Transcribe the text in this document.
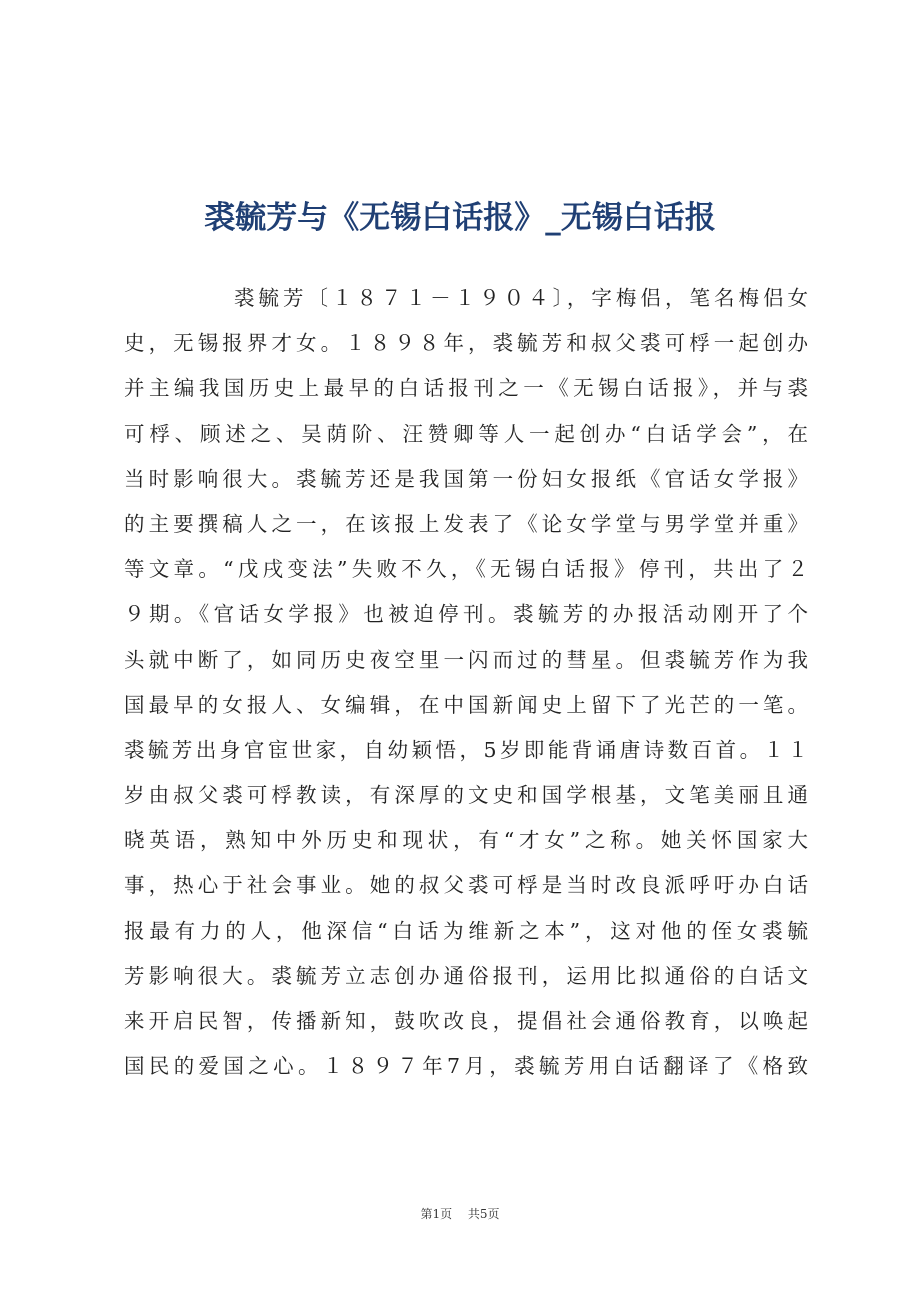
裘毓芳与《无锡白话报》_无锡白话报
裘毓芳〔１８７１－１９０４〕，字梅侣，笔名梅侣女
史，无锡报界才女。１８９８年，裘毓芳和叔父裘可桴一起创办
并主编我国历史上最早的白话报刊之一《无锡白话报》，并与裘
可桴、顾述之、吴荫阶、汪赞卿等人一起创办“白话学会”，在
当时影响很大。裘毓芳还是我国第一份妇女报纸《官话女学报》
的主要撰稿人之一，在该报上发表了《论女学堂与男学堂并重》
等文章。“戊戌变法”失败不久，《无锡白话报》停刊，共出了２
９期。《官话女学报》也被迫停刊。裘毓芳的办报活动刚开了个
头就中断了，如同历史夜空里一闪而过的彗星。但裘毓芳作为我
国最早的女报人、女编辑，在中国新闻史上留下了光芒的一笔。
裘毓芳出身官宦世家，自幼颖悟，5岁即能背诵唐诗数百首。１１
岁由叔父裘可桴教读，有深厚的文史和国学根基，文笔美丽且通
晓英语，熟知中外历史和现状，有“才女”之称。她关怀国家大
事，热心于社会事业。她的叔父裘可桴是当时改良派呼吁办白话
报最有力的人，他深信“白话为维新之本”，这对他的侄女裘毓
芳影响很大。裘毓芳立志创办通俗报刊，运用比拟通俗的白话文
来开启民智，传播新知，鼓吹改良，提倡社会通俗教育，以唤起
国民的爱国之心。１８９７年7月，裘毓芳用白话翻译了《格致
第1页 共5页
